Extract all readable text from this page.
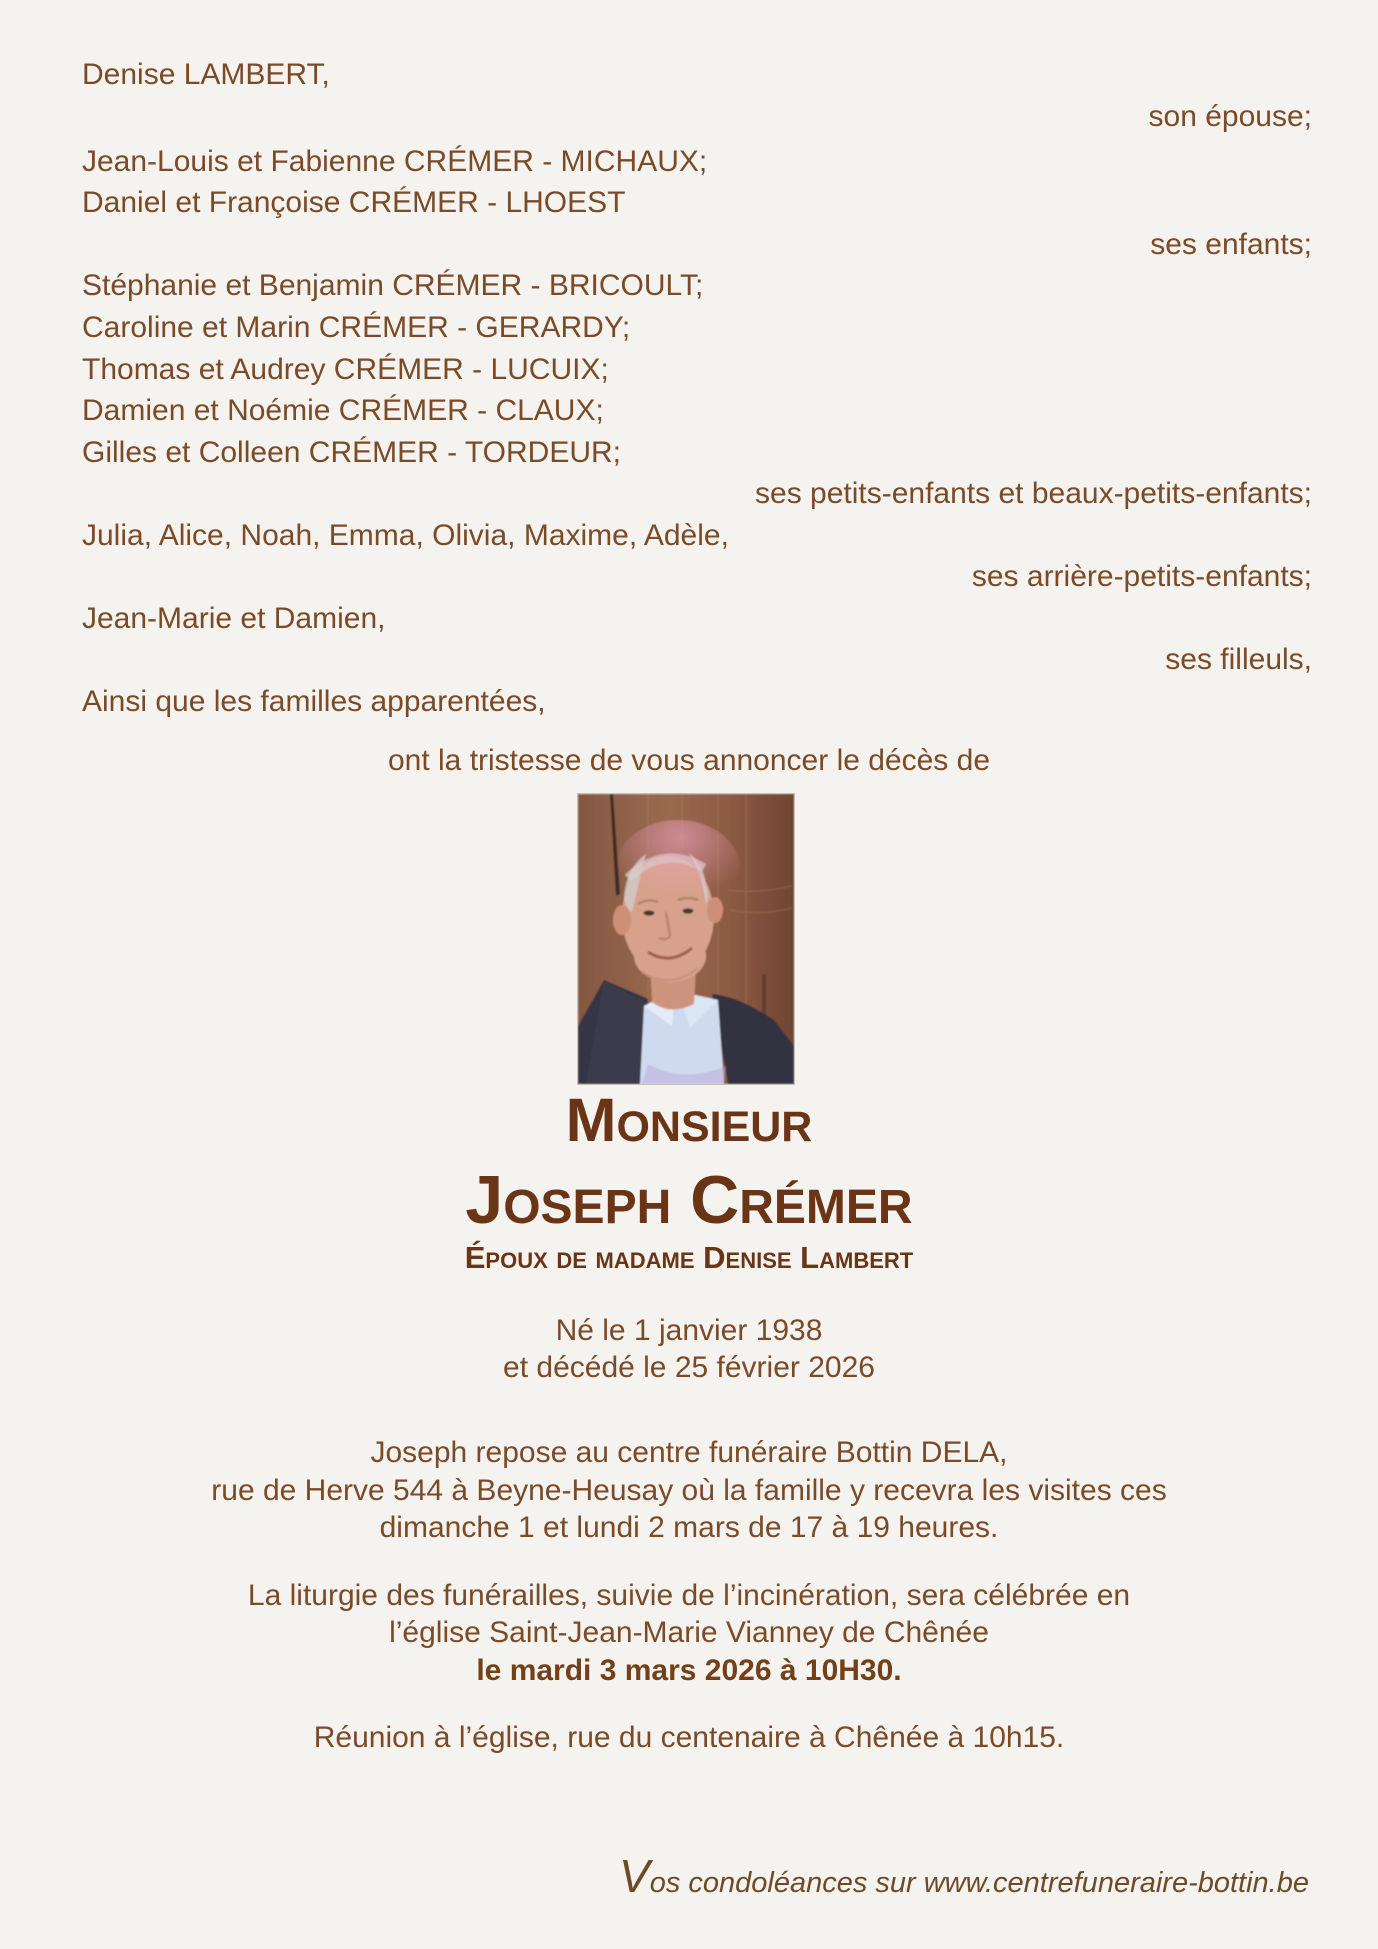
Denise LAMBERT,
son épouse;
Jean-Louis et Fabienne CRÉMER - MICHAUX;
Daniel et Françoise CRÉMER - LHOEST
ses enfants;
Stéphanie et Benjamin CRÉMER - BRICOULT;
Caroline et Marin CRÉMER - GERARDY;
Thomas et Audrey CRÉMER - LUCUIX;
Damien et Noémie CRÉMER - CLAUX;
Gilles et Colleen CRÉMER - TORDEUR;
ses petits-enfants et beaux-petits-enfants;
Julia, Alice, Noah, Emma, Olivia, Maxime, Adèle,
ses arrière-petits-enfants;
Jean-Marie et Damien,
ses filleuls,
Ainsi que les familles apparentées,
ont la tristesse de vous annoncer le décès de
Monsieur
Joseph Crémer
Époux de madame Denise Lambert
Né le 1 janvier 1938
et décédé le 25 février 2026
Joseph repose au centre funéraire Bottin DELA,
rue de Herve 544 à Beyne-Heusay où la famille y recevra les visites ces
dimanche 1 et lundi 2 mars de 17 à 19 heures.
La liturgie des funérailles, suivie de l’incinération, sera célébrée en
l’église Saint-Jean-Marie Vianney de Chênée
le mardi 3 mars 2026 à 10H30.
Réunion à l’église, rue du centenaire à Chênée à 10h15.
Vos condoléances sur www.centrefuneraire-bottin.be
